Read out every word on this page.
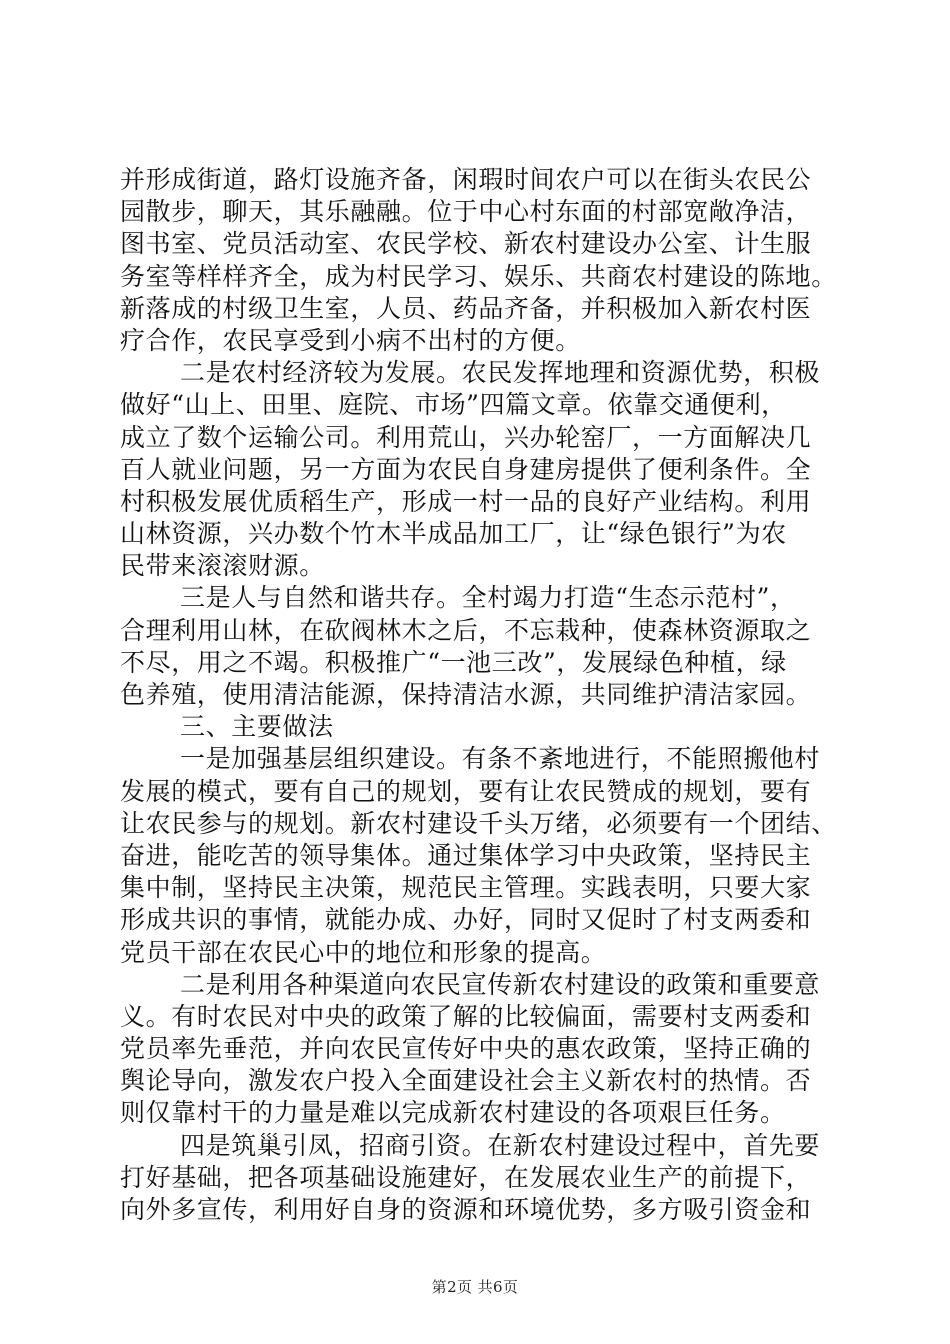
并形成街道，路灯设施齐备，闲瑕时间农户可以在街头农民公
园散步，聊天，其乐融融。位于中心村东面的村部宽敞净洁，
图书室、党员活动室、农民学校、新农村建设办公室、计生服
务室等样样齐全，成为村民学习、娱乐、共商农村建设的陈地。
新落成的村级卫生室，人员、药品齐备，并积极加入新农村医
疗合作，农民享受到小病不出村的方便。
二是农村经济较为发展。农民发挥地理和资源优势，积极
做好“山上、田里、庭院、市场”四篇文章。依靠交通便利，
成立了数个运输公司。利用荒山，兴办轮窑厂，一方面解决几
百人就业问题，另一方面为农民自身建房提供了便利条件。全
村积极发展优质稻生产，形成一村一品的良好产业结构。利用
山林资源，兴办数个竹木半成品加工厂，让“绿色银行”为农
民带来滚滚财源。
三是人与自然和谐共存。全村竭力打造“生态示范村”，
合理利用山林，在砍阀林木之后，不忘栽种，使森林资源取之
不尽，用之不竭。积极推广“一池三改”，发展绿色种植，绿
色养殖，使用清洁能源，保持清洁水源，共同维护清洁家园。
三、主要做法
一是加强基层组织建设。有条不紊地进行，不能照搬他村
发展的模式，要有自己的规划，要有让农民赞成的规划，要有
让农民参与的规划。新农村建设千头万绪，必须要有一个团结、
奋进，能吃苦的领导集体。通过集体学习中央政策，坚持民主
集中制，坚持民主决策，规范民主管理。实践表明，只要大家
形成共识的事情，就能办成、办好，同时又促时了村支两委和
党员干部在农民心中的地位和形象的提高。
二是利用各种渠道向农民宣传新农村建设的政策和重要意
义。有时农民对中央的政策了解的比较偏面，需要村支两委和
党员率先垂范，并向农民宣传好中央的惠农政策，坚持正确的
舆论导向，激发农户投入全面建设社会主义新农村的热情。否
则仅靠村干的力量是难以完成新农村建设的各项艰巨任务。
四是筑巢引凤，招商引资。在新农村建设过程中，首先要
打好基础，把各项基础设施建好，在发展农业生产的前提下，
向外多宣传，利用好自身的资源和环境优势，多方吸引资金和
第2页 共6页
